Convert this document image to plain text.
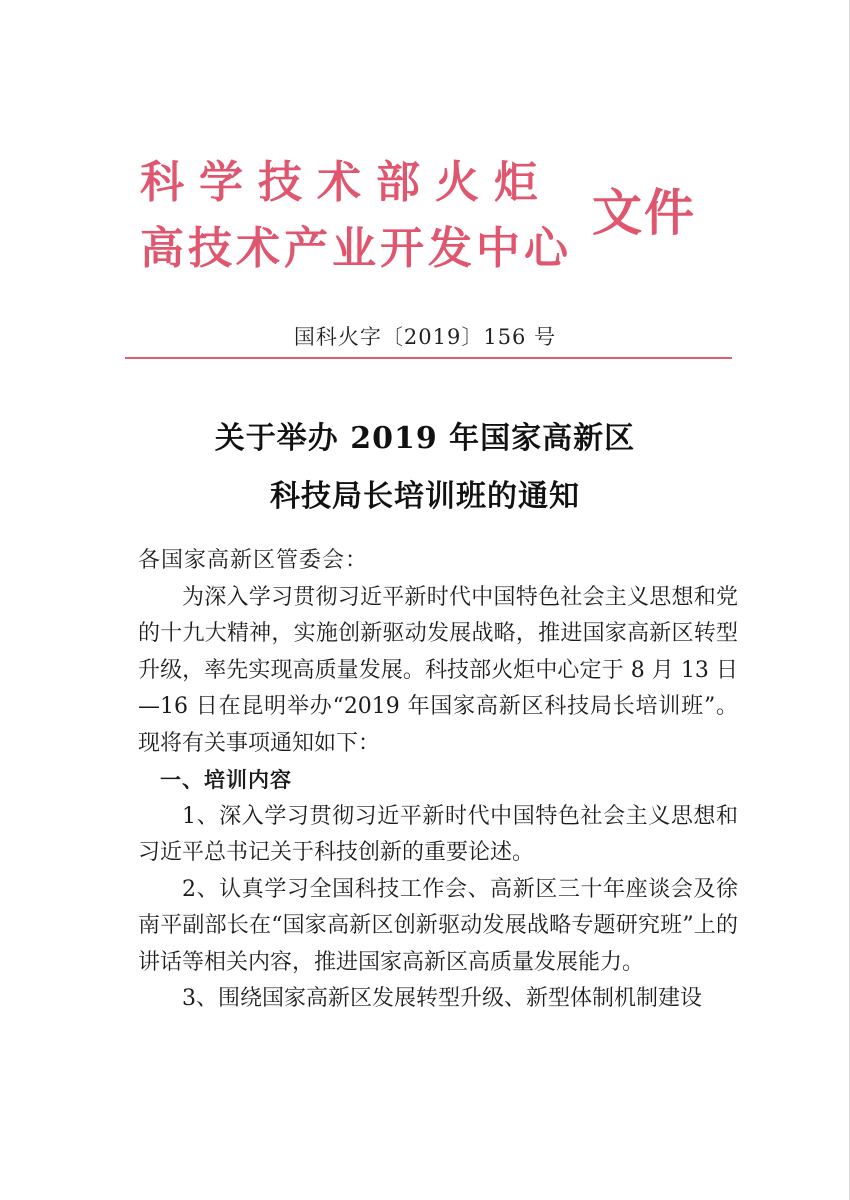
科学技术部火炬
高技术产业开发中心
文件
国科火字〔2019〕156 号
关于举办 2019 年国家高新区
科技局长培训班的通知

各国家高新区管委会：

为深入学习贯彻习近平新时代中国特色社会主义思想和党的十九大精神，实施创新驱动发展战略，推进国家高新区转型升级，率先实现高质量发展。科技部火炬中心定于 8 月 13 日—16 日在昆明举办“2019 年国家高新区科技局长培训班”。现将有关事项通知如下：

一、培训内容

1、深入学习贯彻习近平新时代中国特色社会主义思想和习近平总书记关于科技创新的重要论述。

2、认真学习全国科技工作会、高新区三十年座谈会及徐南平副部长在“国家高新区创新驱动发展战略专题研究班”上的讲话等相关内容，推进国家高新区高质量发展能力。

3、围绕国家高新区发展转型升级、新型体制机制建设
